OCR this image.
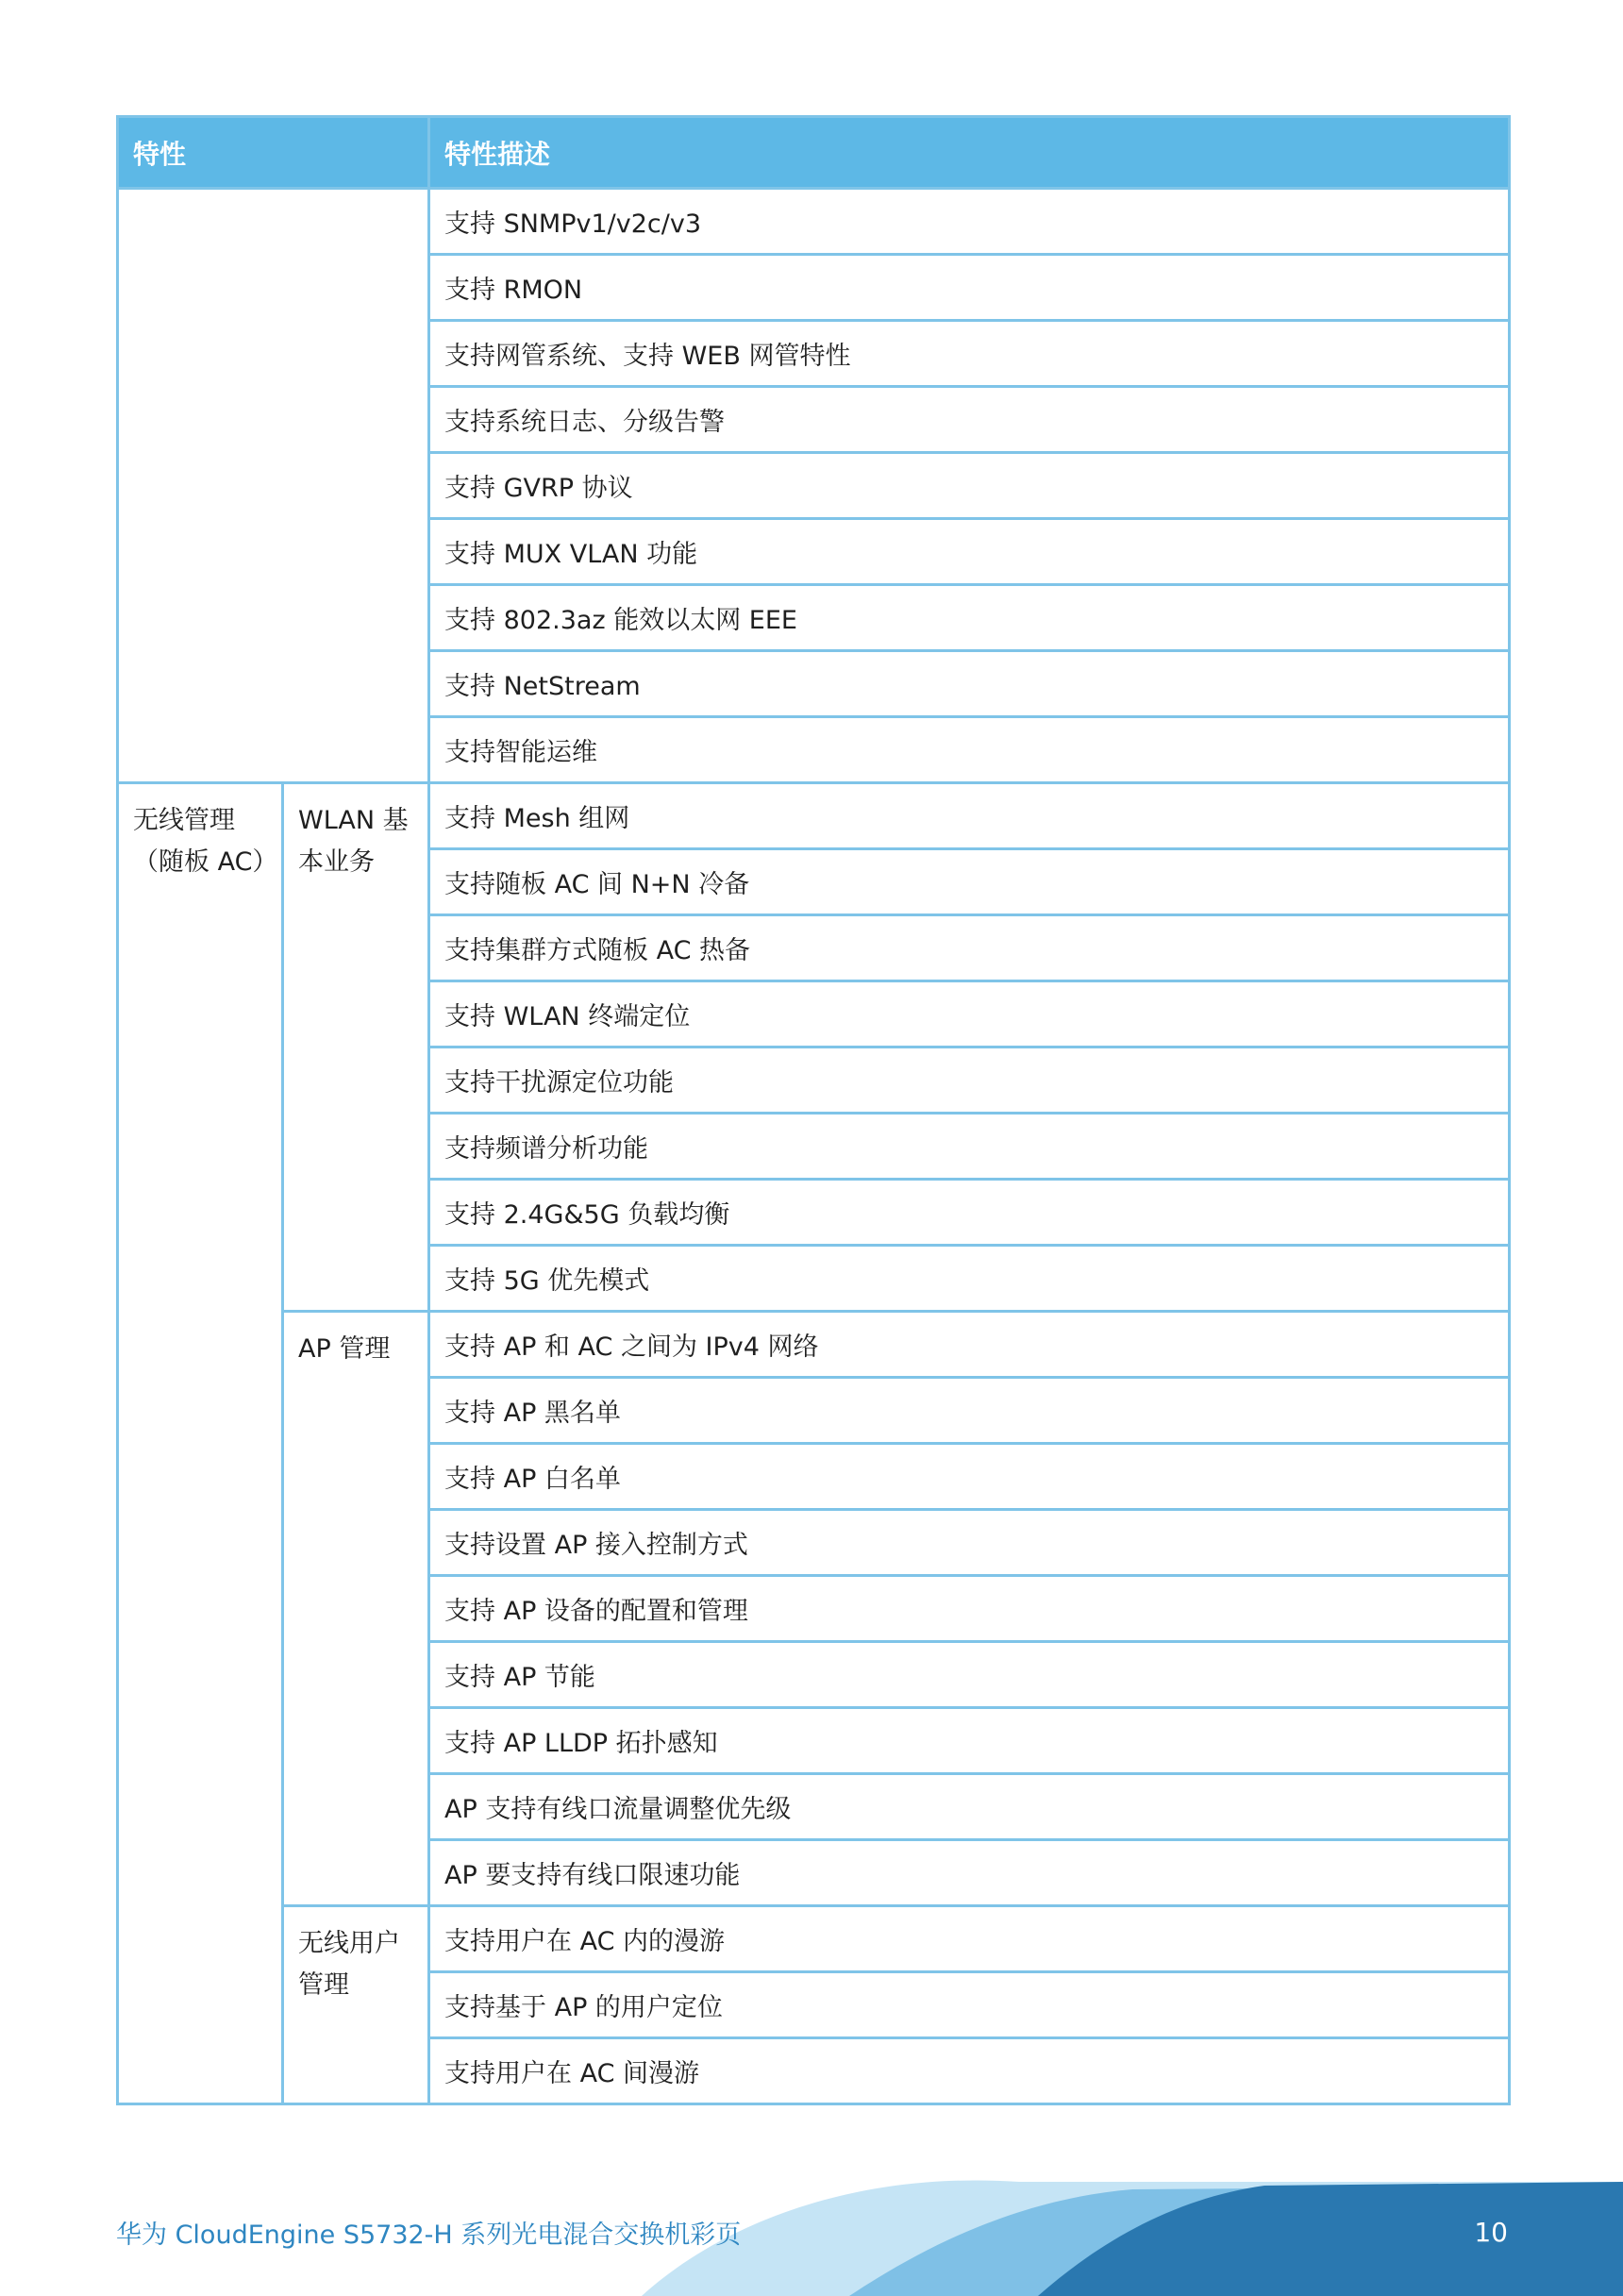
特性		特性描述
		支持 SNMPv1/v2c/v3
		支持 RMON
		支持网管系统、支持 WEB 网管特性
		支持系统日志、分级告警
		支持 GVRP 协议
		支持 MUX VLAN 功能
		支持 802.3az 能效以太网 EEE
		支持 NetStream
		支持智能运维
无线管理（随板 AC）	WLAN 基本业务	支持 Mesh 组网
		支持随板 AC 间 N+N 冷备
		支持集群方式随板 AC 热备
		支持 WLAN 终端定位
		支持干扰源定位功能
		支持频谱分析功能
		支持 2.4G&5G 负载均衡
		支持 5G 优先模式
	AP 管理	支持 AP 和 AC 之间为 IPv4 网络
		支持 AP 黑名单
		支持 AP 白名单
		支持设置 AP 接入控制方式
		支持 AP 设备的配置和管理
		支持 AP 节能
		支持 AP LLDP 拓扑感知
		AP 支持有线口流量调整优先级
		AP 要支持有线口限速功能
	无线用户管理	支持用户在 AC 内的漫游
		支持基于 AP 的用户定位
		支持用户在 AC 间漫游
华为 CloudEngine S5732-H 系列光电混合交换机彩页	10
